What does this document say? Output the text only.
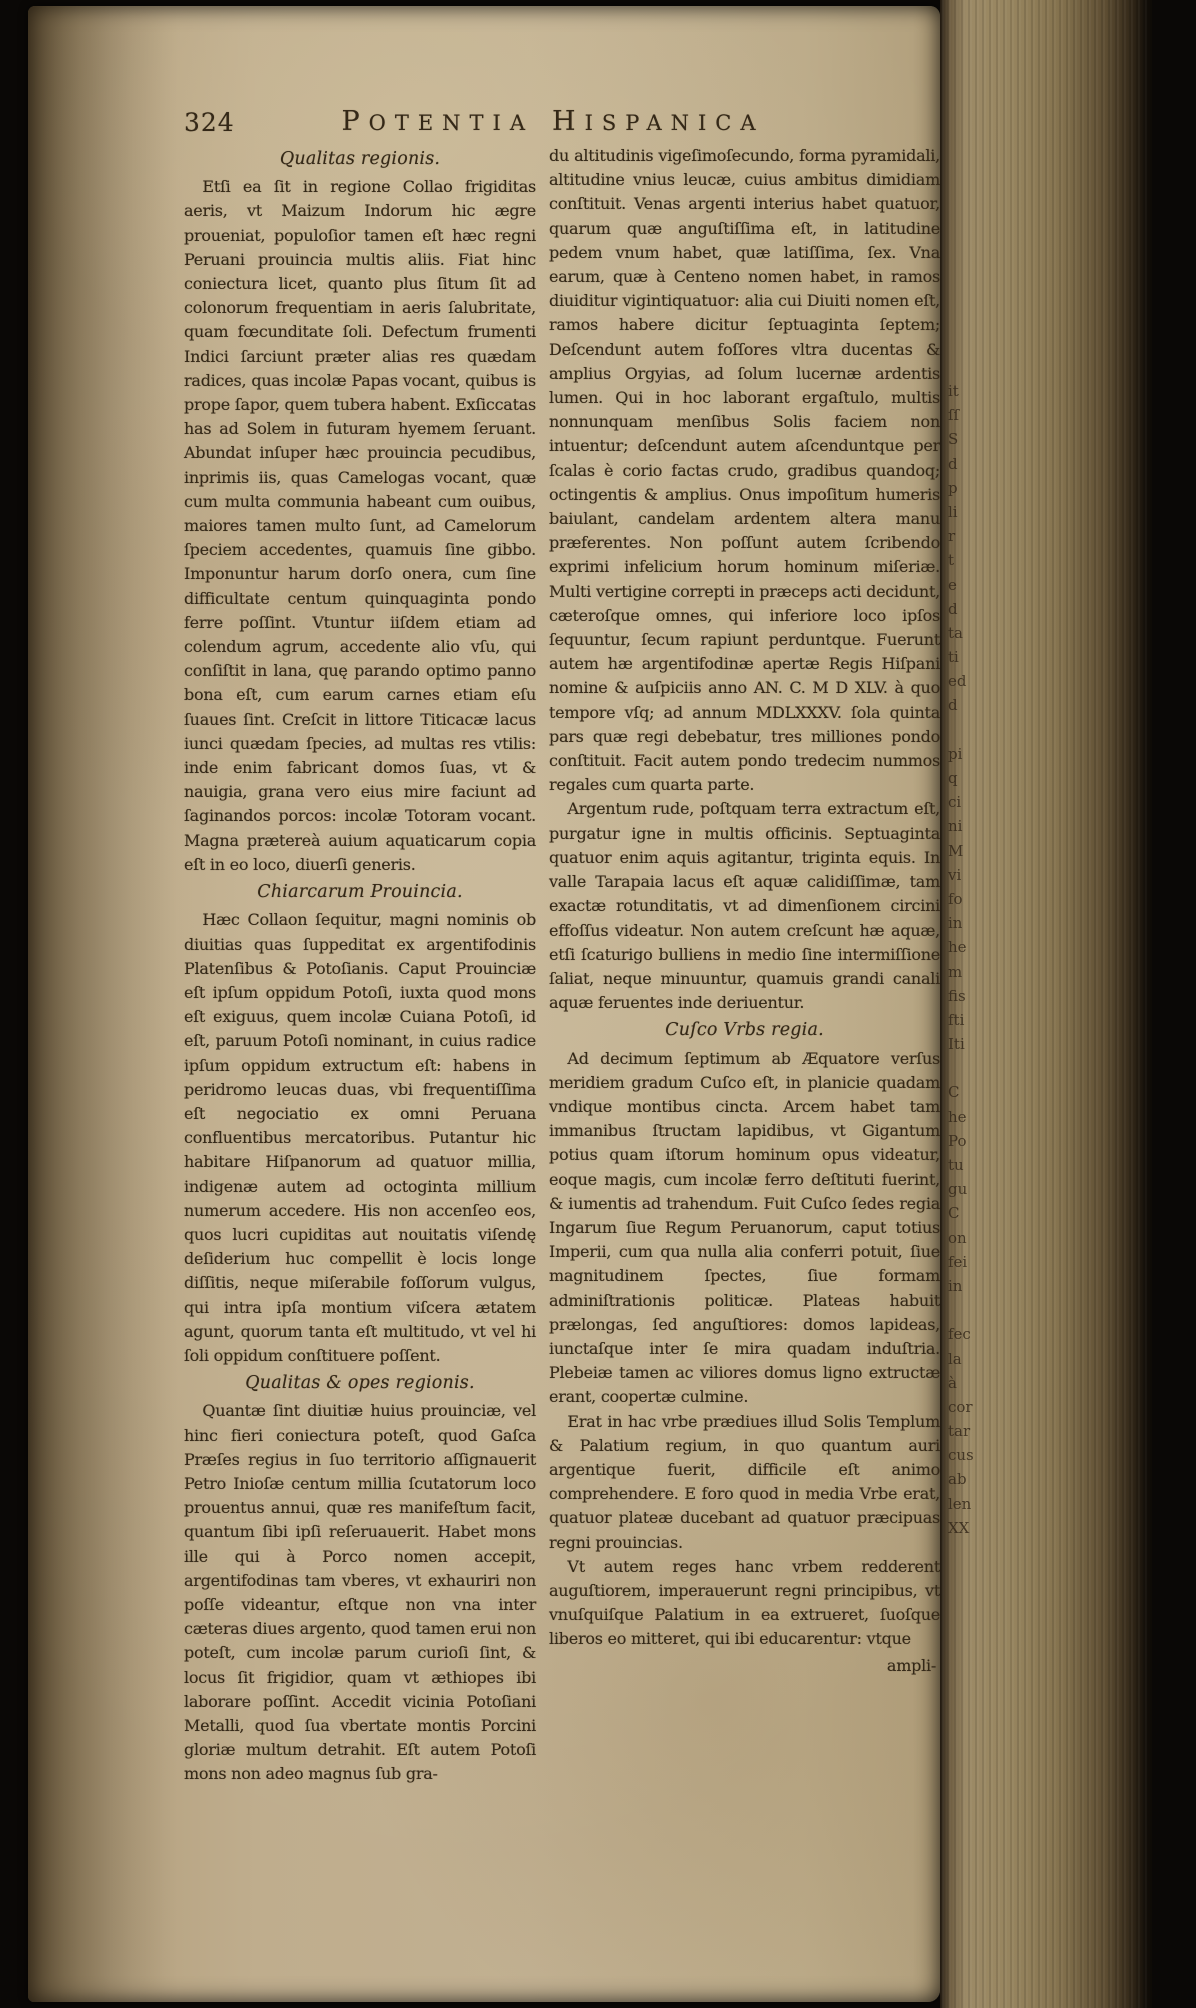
324	POTENTIA HISPANICA
Qualitas regionis.

Etſi ea ſit in regione Collao frigiditas aeris, vt Maizum Indorum hic ægre proueniat, populoſior tamen eſt hæc regni Peruani prouincia multis aliis. Fiat hinc coniectura licet, quanto plus ſitum ſit ad colonorum frequentiam in aeris ſalubritate, quam fœcunditate ſoli. Defectum frumenti Indici ſarciunt præter alias res quædam radices, quas incolæ Papas vocant, quibus is prope ſapor, quem tubera habent. Exſiccatas has ad Solem in futuram hyemem ſeruant. Abundat inſuper hæc prouincia pecudibus, inprimis iis, quas Camelogas vocant, quæ cum multa communia habeant cum ouibus, maiores tamen multo ſunt, ad Camelorum ſpeciem accedentes, quamuis ſine gibbo. Imponuntur harum dorſo onera, cum ſine difficultate centum quinquaginta pondo ferre poſſint. Vtuntur iiſdem etiam ad colendum agrum, accedente alio vſu, qui conſiſtit in lana, quę parando optimo panno bona eſt, cum earum carnes etiam eſu ſuaues ſint. Creſcit in littore Titicacæ lacus iunci quædam ſpecies, ad multas res vtilis: inde enim fabricant domos ſuas, vt & nauigia, grana vero eius mire faciunt ad ſaginandos porcos: incolæ Totoram vocant. Magna prætereà auium aquaticarum copia eſt in eo loco, diuerſi generis.

Chiarcarum Prouincia.

Hæc Collaon ſequitur, magni nominis ob diuitias quas ſuppeditat ex argentifodinis Platenſibus & Potoſianis. Caput Prouinciæ eſt ipſum oppidum Potoſi, iuxta quod mons eſt exiguus, quem incolæ Cuiana Potoſi, id eſt, paruum Potoſi nominant, in cuius radice ipſum oppidum extructum eſt: habens in peridromo leucas duas, vbi frequentiſſima eſt negociatio ex omni Peruana confluentibus mercatoribus. Putantur hic habitare Hiſpanorum ad quatuor millia, indigenæ autem ad octoginta millium numerum accedere. His non accenſeo eos, quos lucri cupiditas aut nouitatis viſendę deſiderium huc compellit è locis longe diſſitis, neque miſerabile foſſorum vulgus, qui intra ipſa montium viſcera ætatem agunt, quorum tanta eſt multitudo, vt vel hi ſoli oppidum conſtituere poſſent.

Qualitas & opes regionis.

Quantæ ſint diuitiæ huius prouinciæ, vel hinc fieri coniectura poteſt, quod Gaſca Præſes regius in ſuo territorio aſſignauerit Petro Inioſæ centum millia ſcutatorum loco prouentus annui, quæ res manifeſtum facit, quantum ſibi ipſi reſeruauerit. Habet mons ille qui à Porco nomen accepit, argentifodinas tam vberes, vt exhauriri non poſſe videantur, eſtque non vna inter cæteras diues argento, quod tamen erui non poteſt, cum incolæ parum curioſi ſint, & locus ſit frigidior, quam vt æthiopes ibi laborare poſſint. Accedit vicinia Potoſiani Metalli, quod ſua vbertate montis Porcini gloriæ multum detrahit. Eſt autem Potoſi mons non adeo magnus ſub gra-

du altitudinis vigeſimoſecundo, forma pyramidali, altitudine vnius leucæ, cuius ambitus dimidiam conſtituit. Venas argenti interius habet quatuor, quarum quæ anguſtiſſima eſt, in latitudine pedem vnum habet, quæ latiſſima, ſex. Vna earum, quæ à Centeno nomen habet, in ramos diuiditur vigintiquatuor: alia cui Diuiti nomen eſt, ramos habere dicitur ſeptuaginta ſeptem; Deſcendunt autem foſſores vltra ducentas & amplius Orgyias, ad ſolum lucernæ ardentis lumen. Qui in hoc laborant ergaſtulo, multis nonnunquam menſibus Solis faciem non intuentur; deſcendunt autem aſcenduntque per ſcalas è corio factas crudo, gradibus quandoq; octingentis & amplius. Onus impoſitum humeris baiulant, candelam ardentem altera manu præferentes. Non poſſunt autem ſcribendo exprimi infelicium horum hominum miſeriæ. Multi vertigine correpti in præceps acti decidunt, cæteroſque omnes, qui inferiore loco ipſos ſequuntur, ſecum rapiunt perduntque. Fuerunt autem hæ argentifodinæ apertæ Regis Hiſpani nomine & auſpiciis anno AN. C. M D XLV. à quo tempore vſq; ad annum MDLXXXV. ſola quinta pars quæ regi debebatur, tres milliones pondo conſtituit. Facit autem pondo tredecim nummos regales cum quarta parte.

Argentum rude, poſtquam terra extractum eſt, purgatur igne in multis officinis. Septuaginta quatuor enim aquis agitantur, triginta equis. In valle Tarapaia lacus eſt aquæ calidiſſimæ, tam exactæ rotunditatis, vt ad dimenſionem circini effoſſus videatur. Non autem creſcunt hæ aquæ, etſi ſcaturigo bulliens in medio ſine intermiſſione ſaliat, neque minuuntur, quamuis grandi canali aquæ feruentes inde deriuentur.

Cuſco Vrbs regia.

Ad decimum ſeptimum ab Æquatore verſus meridiem gradum Cuſco eſt, in planicie quadam vndique montibus cincta. Arcem habet tam immanibus ſtructam lapidibus, vt Gigantum potius quam iſtorum hominum opus videatur, eoque magis, cum incolæ ferro deſtituti fuerint, & iumentis ad trahendum. Fuit Cuſco ſedes regia Ingarum ſiue Regum Peruanorum, caput totius Imperii, cum qua nulla alia conferri potuit, ſiue magnitudinem ſpectes, ſiue formam adminiſtrationis politicæ. Plateas habuit prælongas, ſed anguſtiores: domos lapideas, iunctaſque inter ſe mira quadam induſtria. Plebeiæ tamen ac viliores domus ligno extructæ erant, coopertæ culmine.

Erat in hac vrbe prædiues illud Solis Templum & Palatium regium, in quo quantum auri argentique fuerit, difficile eſt animo comprehendere. E foro quod in media Vrbe erat, quatuor plateæ ducebant ad quatuor præcipuas regni prouincias.

Vt autem reges hanc vrbem redderent auguſtiorem, imperauerunt regni principibus, vt vnuſquiſque Palatium in ea extrueret, ſuoſque liberos eo mitteret, qui ibi educarentur: vtque

ampli-
it
ſſ
S
d
p
li
r
t
e
d
ta
ti
ed
d
pi
q
ci
ni
M
vi
fo
in
he
m
fis
fti
Iti
C
he
Po
tu
gu
C
on
fei
in
fec
la
à
cor
tar
cus
ab
len
XX
